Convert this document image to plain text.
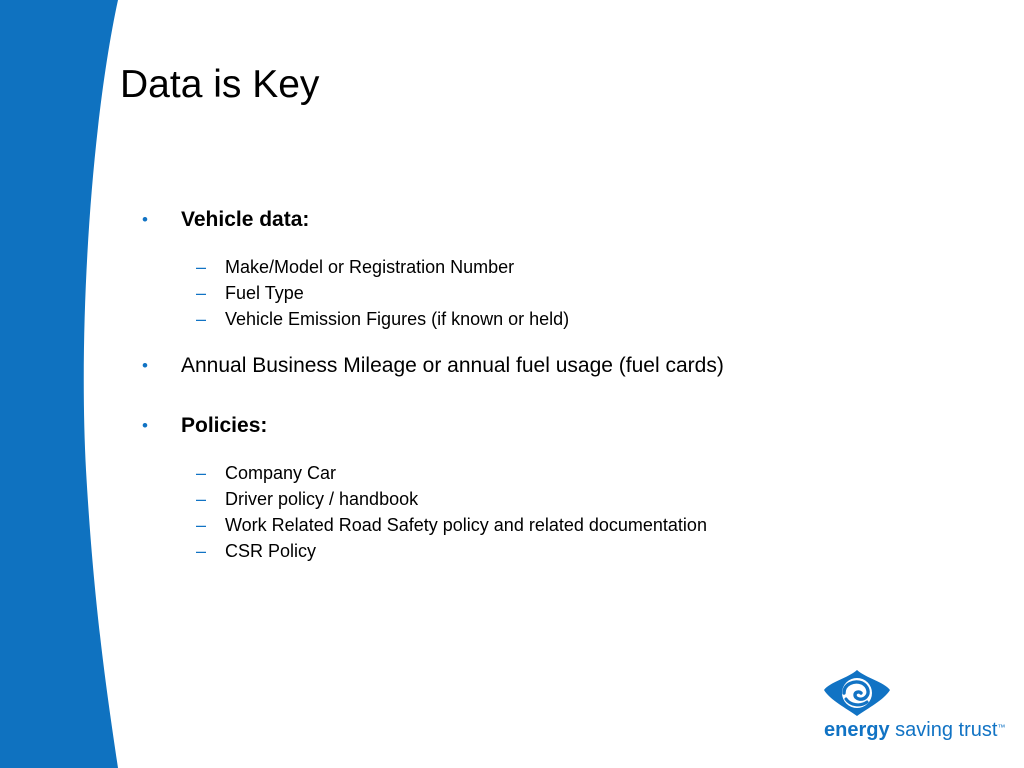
Data is Key
• Vehicle data:
– Make/Model or Registration Number
– Fuel Type
– Vehicle Emission Figures (if known or held)
• Annual Business Mileage or annual fuel usage (fuel cards)
• Policies:
– Company Car
– Driver policy / handbook
– Work Related Road Safety policy and related documentation
– CSR Policy
energy saving trust™
